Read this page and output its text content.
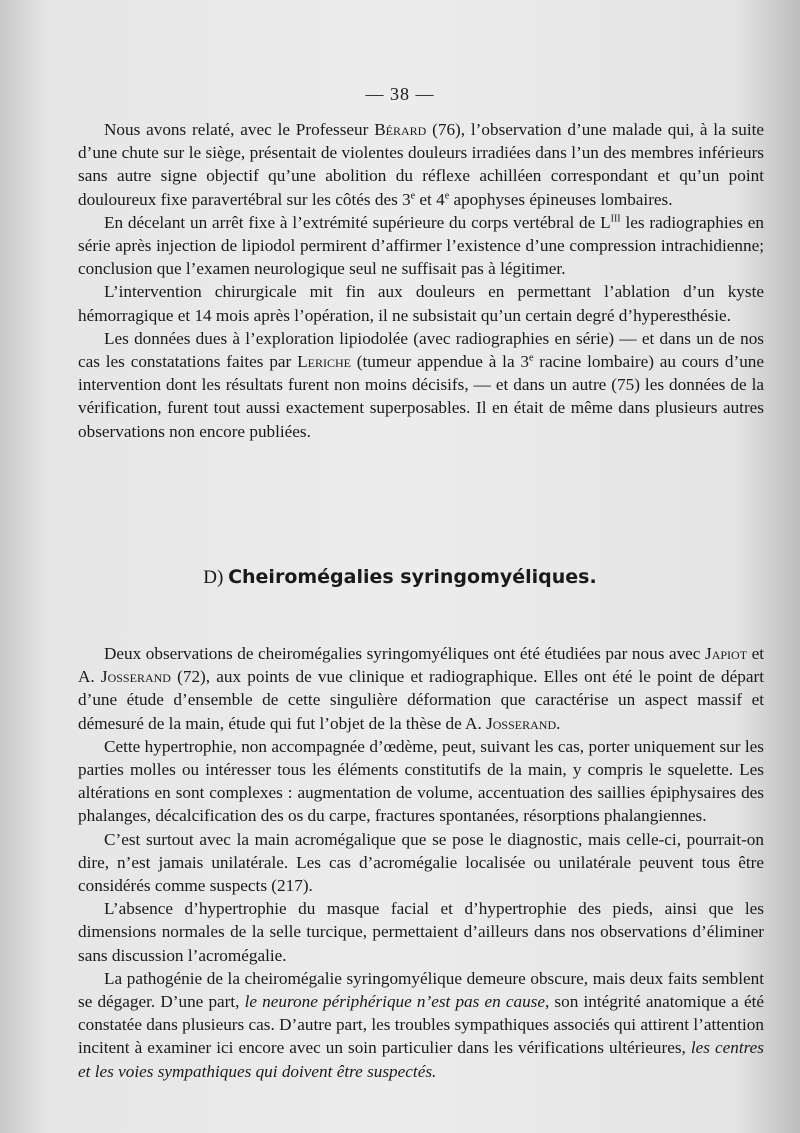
— 38 —

Nous avons relaté, avec le Professeur Bérard (76), l’observation d’une malade qui, à la suite d’une chute sur le siège, présentait de violentes douleurs irradiées dans l’un des membres inférieurs sans autre signe objectif qu’une abolition du réflexe achilléen correspondant et qu’un point douloureux fixe paravertébral sur les côtés des 3e et 4e apophyses épineuses lombaires.

En décelant un arrêt fixe à l’extrémité supérieure du corps vertébral de $L^{III}$ les radiographies en série après injection de lipiodol permirent d’affirmer l’existence d’une compression intrachidienne; conclusion que l’examen neurologique seul ne suffisait pas à légitimer.

L’intervention chirurgicale mit fin aux douleurs en permettant l’ablation d’un kyste hémorragique et 14 mois après l’opération, il ne subsistait qu’un certain degré d’hyperesthésie.

Les données dues à l’exploration lipiodolée (avec radiographies en série) — et dans un de nos cas les constatations faites par Leriche (tumeur appendue à la 3e racine lombaire) au cours d’une intervention dont les résultats furent non moins décisifs, — et dans un autre (75) les données de la vérification, furent tout aussi exactement superposables. Il en était de même dans plusieurs autres observations non encore publiées.

D) Cheiromégalies syringomyéliques.

Deux observations de cheiromégalies syringomyéliques ont été étudiées par nous avec Japiot et A. Josserand (72), aux points de vue clinique et radiographique. Elles ont été le point de départ d’une étude d’ensemble de cette singulière déformation que caractérise un aspect massif et démesuré de la main, étude qui fut l’objet de la thèse de A. Josserand.

Cette hypertrophie, non accompagnée d’œdème, peut, suivant les cas, porter uniquement sur les parties molles ou intéresser tous les éléments constitutifs de la main, y compris le squelette. Les altérations en sont complexes : augmentation de volume, accentuation des saillies épiphysaires des phalanges, décalcification des os du carpe, fractures spontanées, résorptions phalangiennes.

C’est surtout avec la main acromégalique que se pose le diagnostic, mais celle-ci, pourrait-on dire, n’est jamais unilatérale. Les cas d’acromégalie localisée ou unilatérale peuvent tous être considérés comme suspects (217).

L’absence d’hypertrophie du masque facial et d’hypertrophie des pieds, ainsi que les dimensions normales de la selle turcique, permettaient d’ailleurs dans nos observations d’éliminer sans discussion l’acromégalie.

La pathogénie de la cheiromégalie syringomyélique demeure obscure, mais deux faits semblent se dégager. D’une part, le neurone périphérique n’est pas en cause, son intégrité anatomique a été constatée dans plusieurs cas. D’autre part, les troubles sympathiques associés qui attirent l’attention incitent à examiner ici encore avec un soin particulier dans les vérifications ultérieures, les centres et les voies sympathiques qui doivent être suspectés.
